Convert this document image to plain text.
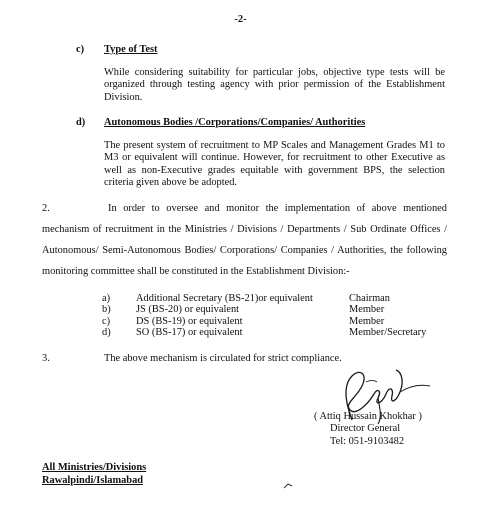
-2-
c) Type of Test
While considering suitability for particular jobs, objective type tests will be organized through testing agency with prior permission of the Establishment Division.
d) Autonomous Bodies /Corporations/Companies/ Authorities
The present system of recruitment to MP Scales and Management Grades M1 to M3 or equivalent will continue. However, for recruitment to other Executive as well as non-Executive grades equitable with government BPS, the selection criteria given above be adopted.
2.	In order to oversee and monitor the implementation of above mentioned mechanism of recruitment in the Ministries / Divisions / Departments / Sub Ordinate Offices / Autonomous/ Semi-Autonomous Bodies/ Corporations/ Companies / Authorities, the following monitoring committee shall be constituted in the Establishment Division:-
a)	Additional Secretary (BS-21)or equivalent	Chairman
b)	JS (BS-20) or equivalent	Member
c)	DS (BS-19) or equivalent	Member
d)	SO (BS-17) or equivalent	Member/Secretary
3.	The above mechanism is circulated for strict compliance.
( Attiq Hussain Khokhar )
Director General
Tel: 051-9103482
All Ministries/Divisions
Rawalpindi/Islamabad
